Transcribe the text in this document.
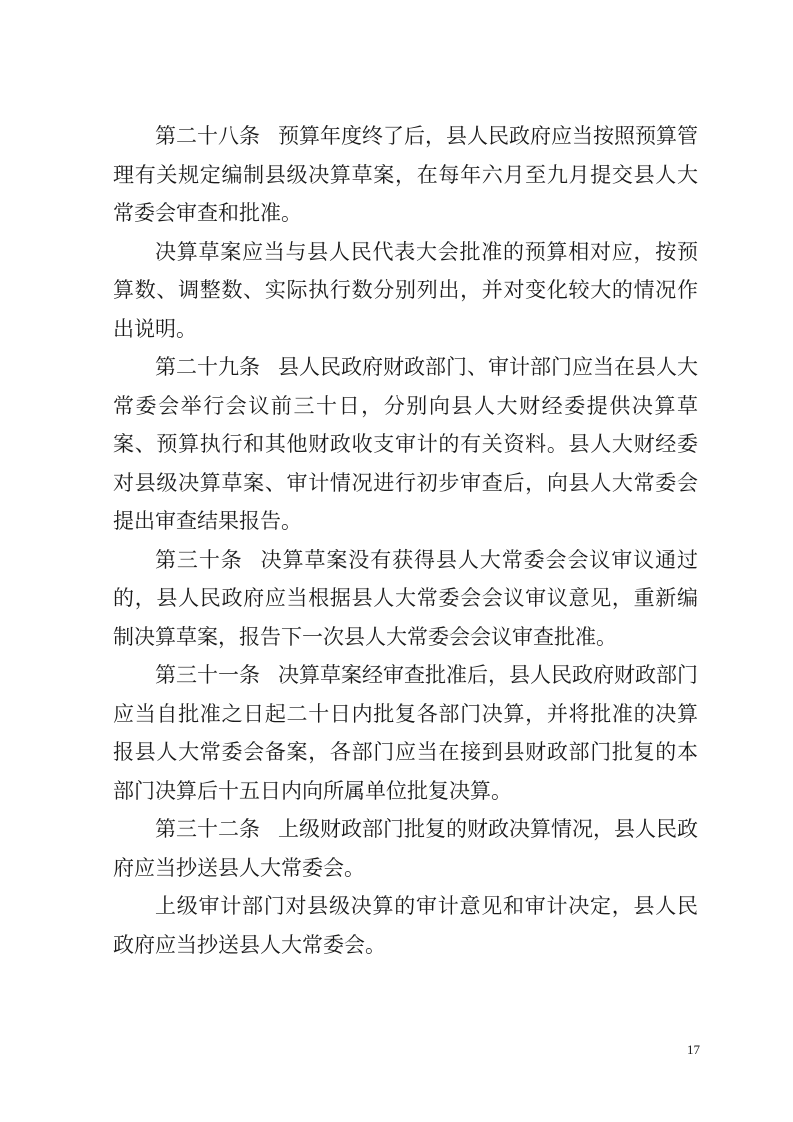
第二十八条 预算年度终了后，县人民政府应当按照预算管理有关规定编制县级决算草案，在每年六月至九月提交县人大常委会审查和批准。

决算草案应当与县人民代表大会批准的预算相对应，按预算数、调整数、实际执行数分别列出，并对变化较大的情况作出说明。

第二十九条 县人民政府财政部门、审计部门应当在县人大常委会举行会议前三十日，分别向县人大财经委提供决算草案、预算执行和其他财政收支审计的有关资料。县人大财经委对县级决算草案、审计情况进行初步审查后，向县人大常委会提出审查结果报告。

第三十条 决算草案没有获得县人大常委会会议审议通过的，县人民政府应当根据县人大常委会会议审议意见，重新编制决算草案，报告下一次县人大常委会会议审查批准。

第三十一条 决算草案经审查批准后，县人民政府财政部门应当自批准之日起二十日内批复各部门决算，并将批准的决算报县人大常委会备案，各部门应当在接到县财政部门批复的本部门决算后十五日内向所属单位批复决算。

第三十二条 上级财政部门批复的财政决算情况，县人民政府应当抄送县人大常委会。

上级审计部门对县级决算的审计意见和审计决定，县人民政府应当抄送县人大常委会。

17
